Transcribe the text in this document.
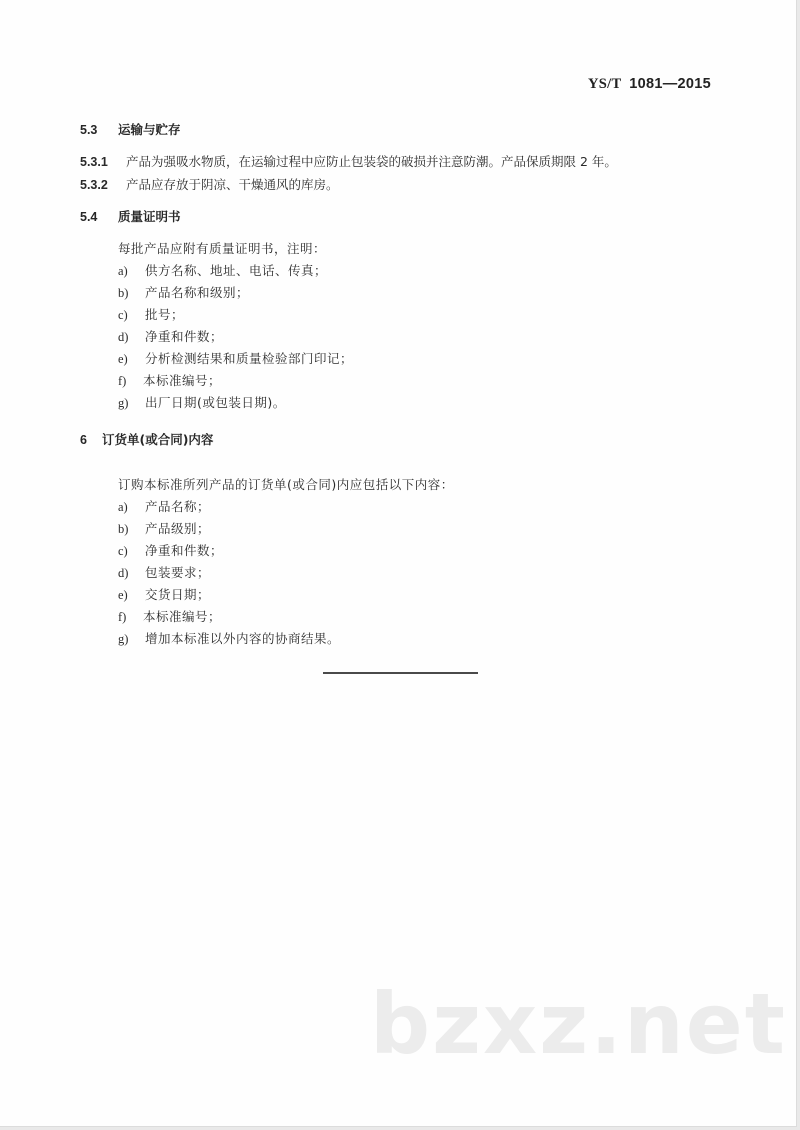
YS/T 1081—2015
5.3 运输与贮存
5.3.1 产品为强吸水物质，在运输过程中应防止包装袋的破损并注意防潮。产品保质期限 2 年。
5.3.2 产品应存放于阴凉、干燥通风的库房。
5.4 质量证明书
每批产品应附有质量证明书，注明：
a) 供方名称、地址、电话、传真；
b) 产品名称和级别；
c) 批号；
d) 净重和件数；
e) 分析检测结果和质量检验部门印记；
f) 本标准编号；
g) 出厂日期(或包装日期)。
6 订货单(或合同)内容
订购本标准所列产品的订货单(或合同)内应包括以下内容：
a) 产品名称；
b) 产品级别；
c) 净重和件数；
d) 包装要求；
e) 交货日期；
f) 本标准编号；
g) 增加本标准以外内容的协商结果。
bzxz.net
